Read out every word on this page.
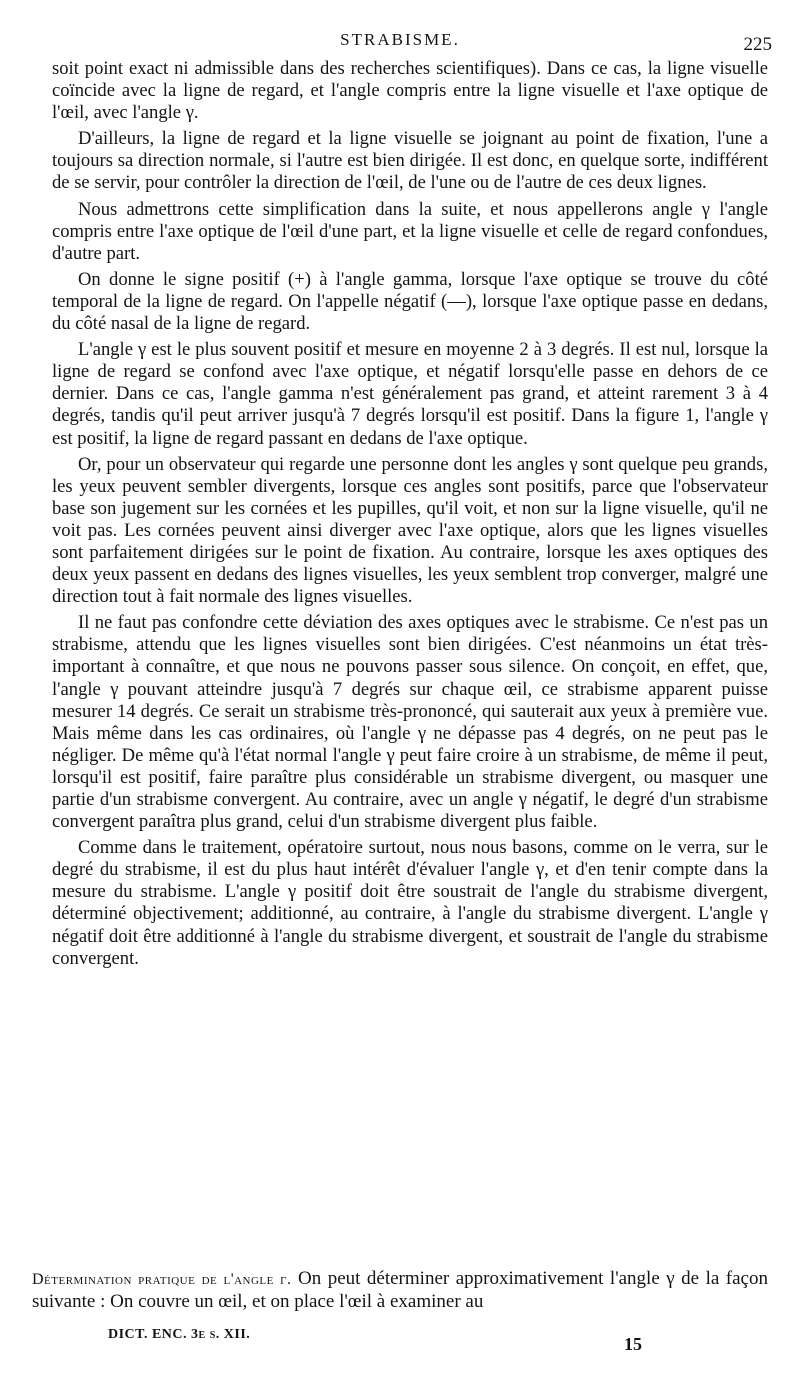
STRABISME.	225

soit point exact ni admissible dans des recherches scientifiques). Dans ce cas, la ligne visuelle coïncide avec la ligne de regard, et l'angle compris entre la ligne visuelle et l'axe optique de l'œil, avec l'angle γ.

D'ailleurs, la ligne de regard et la ligne visuelle se joignant au point de fixation, l'une a toujours sa direction normale, si l'autre est bien dirigée. Il est donc, en quelque sorte, indifférent de se servir, pour contrôler la direction de l'œil, de l'une ou de l'autre de ces deux lignes.

Nous admettrons cette simplification dans la suite, et nous appellerons angle γ l'angle compris entre l'axe optique de l'œil d'une part, et la ligne visuelle et celle de regard confondues, d'autre part.

On donne le signe positif (+) à l'angle gamma, lorsque l'axe optique se trouve du côté temporal de la ligne de regard. On l'appelle négatif (—), lorsque l'axe optique passe en dedans, du côté nasal de la ligne de regard.

L'angle γ est le plus souvent positif et mesure en moyenne 2 à 3 degrés. Il est nul, lorsque la ligne de regard se confond avec l'axe optique, et négatif lorsqu'elle passe en dehors de ce dernier. Dans ce cas, l'angle gamma n'est généralement pas grand, et atteint rarement 3 à 4 degrés, tandis qu'il peut arriver jusqu'à 7 degrés lorsqu'il est positif. Dans la figure 1, l'angle γ est positif, la ligne de regard passant en dedans de l'axe optique.

Or, pour un observateur qui regarde une personne dont les angles γ sont quelque peu grands, les yeux peuvent sembler divergents, lorsque ces angles sont positifs, parce que l'observateur base son jugement sur les cornées et les pupilles, qu'il voit, et non sur la ligne visuelle, qu'il ne voit pas. Les cornées peuvent ainsi diverger avec l'axe optique, alors que les lignes visuelles sont parfaitement dirigées sur le point de fixation. Au contraire, lorsque les axes optiques des deux yeux passent en dedans des lignes visuelles, les yeux semblent trop converger, malgré une direction tout à fait normale des lignes visuelles.

Il ne faut pas confondre cette déviation des axes optiques avec le strabisme. Ce n'est pas un strabisme, attendu que les lignes visuelles sont bien dirigées. C'est néanmoins un état très-important à connaître, et que nous ne pouvons passer sous silence. On conçoit, en effet, que, l'angle γ pouvant atteindre jusqu'à 7 degrés sur chaque œil, ce strabisme apparent puisse mesurer 14 degrés. Ce serait un strabisme très-prononcé, qui sauterait aux yeux à première vue. Mais même dans les cas ordinaires, où l'angle γ ne dépasse pas 4 degrés, on ne peut pas le négliger. De même qu'à l'état normal l'angle γ peut faire croire à un strabisme, de même il peut, lorsqu'il est positif, faire paraître plus considérable un strabisme divergent, ou masquer une partie d'un strabisme convergent. Au contraire, avec un angle γ négatif, le degré d'un strabisme convergent paraîtra plus grand, celui d'un strabisme divergent plus faible.

Comme dans le traitement, opératoire surtout, nous nous basons, comme on le verra, sur le degré du strabisme, il est du plus haut intérêt d'évaluer l'angle γ, et d'en tenir compte dans la mesure du strabisme. L'angle γ positif doit être soustrait de l'angle du strabisme divergent, déterminé objectivement; additionné, au contraire, à l'angle du strabisme divergent. L'angle γ négatif doit être additionné à l'angle du strabisme divergent, et soustrait de l'angle du strabisme convergent.

Détermination pratique de l'angle γ. On peut déterminer approximativement l'angle γ de la façon suivante : On couvre un œil, et on place l'œil à examiner au

DICT. ENC. 3e s. XII.	15
